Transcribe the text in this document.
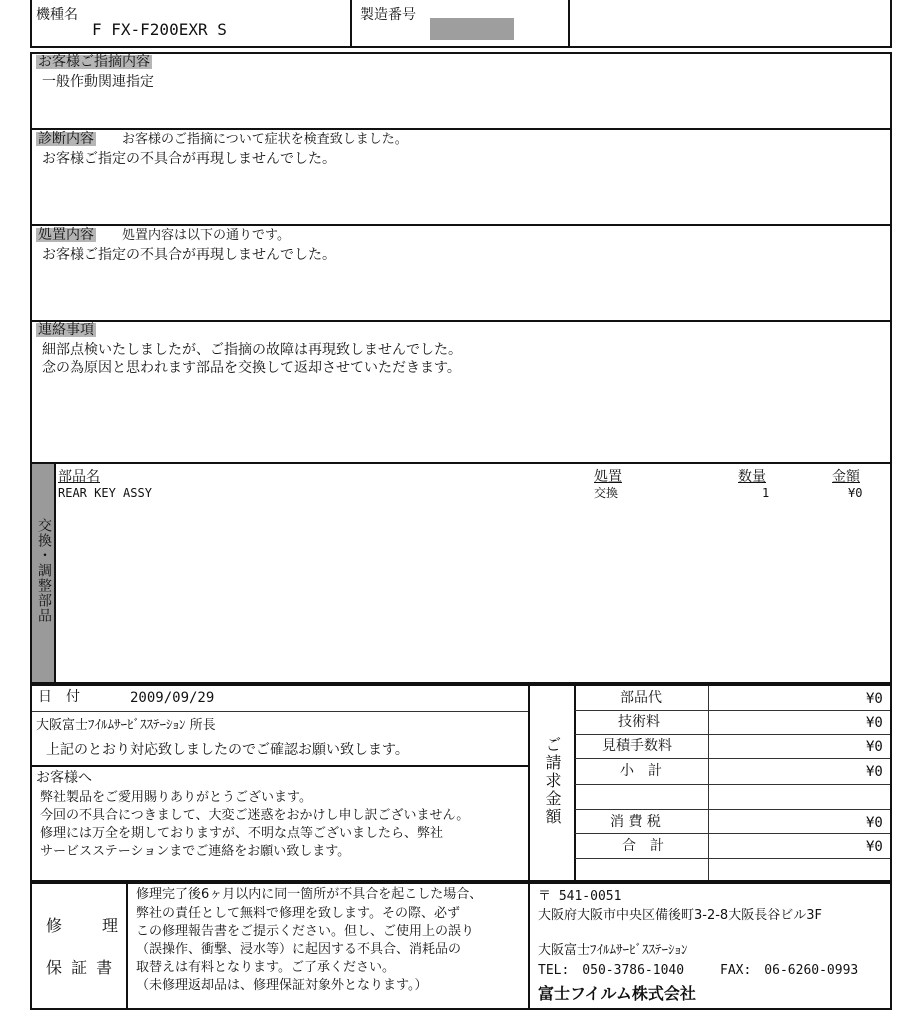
機種名
F FX-F200EXR S
製造番号
お客様ご指摘内容
一般作動関連指定
診断内容 お客様のご指摘について症状を検査致しました。
お客様ご指定の不具合が再現しませんでした。
処置内容 処置内容は以下の通りです。
お客様ご指定の不具合が再現しませんでした。
連絡事項
細部点検いたしましたが、ご指摘の故障は再現致しませんでした。
念の為原因と思われます部品を交換して返却させていただきます。
交換・調整部品
部品名	処置	数量	金額
REAR KEY ASSY	交換	1	¥0
日　付	2009/09/29
大阪富士ﾌｲﾙﾑｻｰﾋﾞｽｽﾃｰｼｮﾝ 所長
上記のとおり対応致しましたのでご確認お願い致します。
お客様へ
弊社製品をご愛用賜りありがとうございます。
今回の不具合につきまして、大変ご迷惑をおかけし申し訳ございません。
修理には万全を期しておりますが、不明な点等ございましたら、弊社
サービスステーションまでご連絡をお願い致します。
ご請求金額
部品代	¥0
技術料	¥0
見積手数料	¥0
小　計	¥0
消 費 税	¥0
合　計	¥0
修 理
保 証 書
修理完了後6ヶ月以内に同一箇所が不具合を起こした場合、
弊社の責任として無料で修理を致します。その際、必ず
この修理報告書をご提示ください。但し、ご使用上の誤り
（誤操作、衝撃、浸水等）に起因する不具合、消耗品の
取替えは有料となります。ご了承ください。
（未修理返却品は、修理保証対象外となります。）
〒 541-0051
大阪府大阪市中央区備後町3-2-8大阪長谷ビル3F
大阪富士ﾌｲﾙﾑｻｰﾋﾞｽｽﾃｰｼｮﾝ
TEL:　050-3786-1040	FAX:　06-6260-0993
富士フイルム株式会社
